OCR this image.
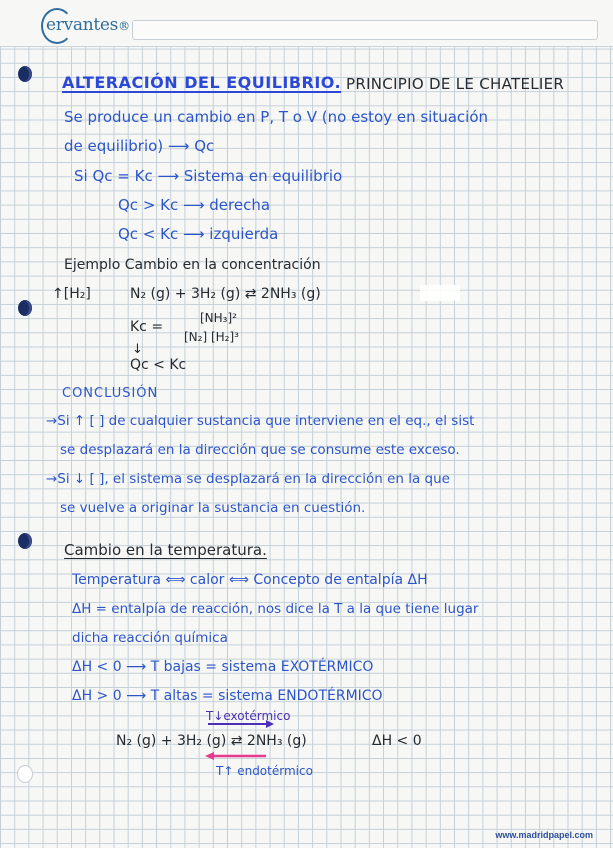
ervantes®
ALTERACIÓN DEL EQUILIBRIO. PRINCIPIO DE LE CHATELIER
Se produce un cambio en P, T o V (no estoy en situación
de equilibrio) ⟶ Qc
Si Qc = Kc ⟶ Sistema en equilibrio
Qc > Kc ⟶ derecha
Qc < Kc ⟶ izquierda
Ejemplo Cambio en la concentración
↑[H₂]	N₂ (g) + 3H₂ (g) ⇄ 2NH₃ (g)
Kc =
[NH₃]²
[N₂] [H₂]³
↓
Qc < Kc
CONCLUSIÓN
→Si ↑ [ ] de cualquier sustancia que interviene en el eq., el sist
se desplazará en la dirección que se consume este exceso.
→Si ↓ [ ], el sistema se desplazará en la dirección en la que
se vuelve a originar la sustancia en cuestión.
Cambio en la temperatura.
Temperatura ⟺ calor ⟺ Concepto de entalpía ΔH
ΔH = entalpía de reacción, nos dice la T a la que tiene lugar
dicha reacción química
ΔH < 0 ⟶ T bajas = sistema EXOTÉRMICO
ΔH > 0 ⟶ T altas = sistema ENDOTÉRMICO
T↓exotérmico
N₂ (g) + 3H₂ (g) ⇄ 2NH₃ (g)	ΔH < 0
T↑ endotérmico
www.madridpapel.com
